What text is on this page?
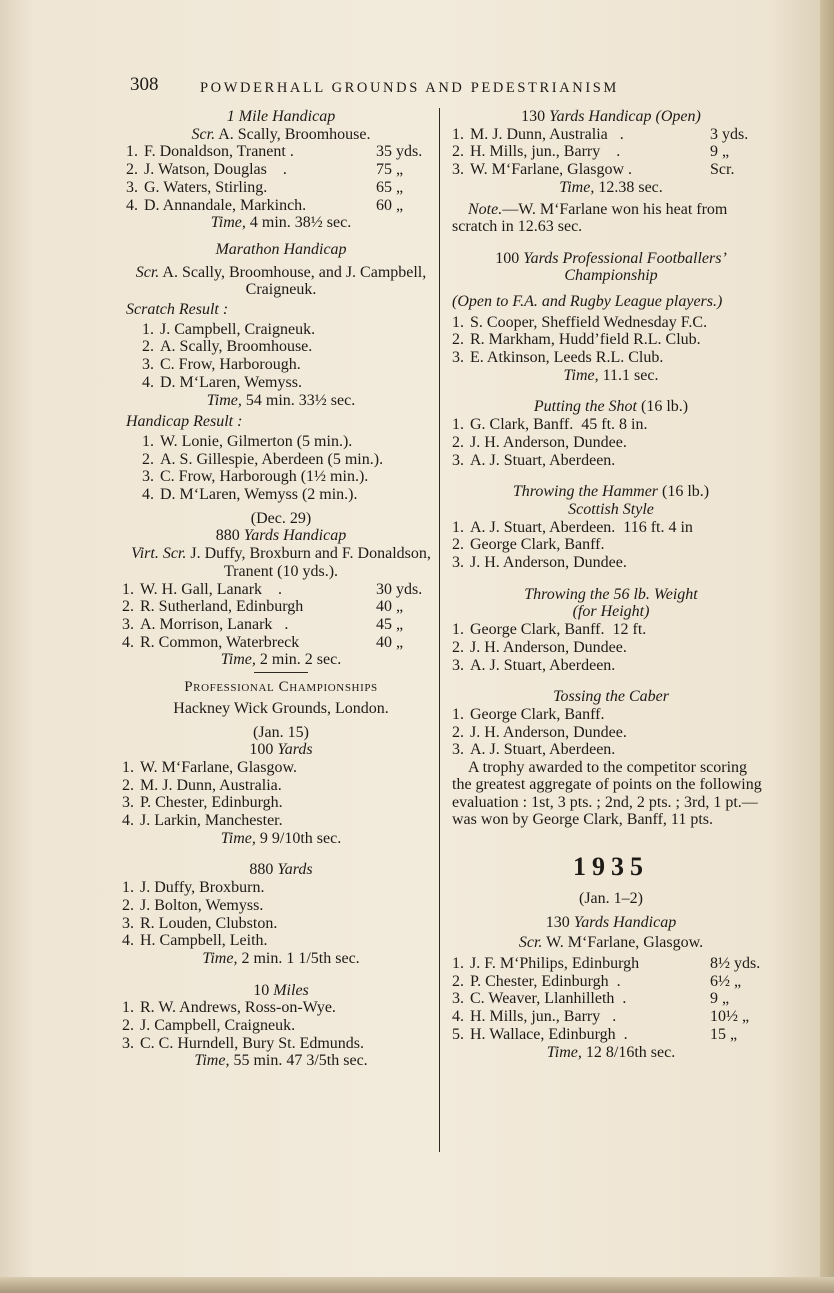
308	POWDERHALL GROUNDS AND PEDESTRIANISM
1 Mile Handicap
Scr. A. Scally, Broomhouse.
1. F. Donaldson, Tranent .	35 yds.
2. J. Watson, Douglas    .	75 „
3. G. Waters, Stirling.	65 „
4. D. Annandale, Markinch.	60 „
Time, 4 min. 38½ sec.
Marathon Handicap
Scr. A. Scally, Broomhouse, and J. Campbell, Craigneuk.
Scratch Result :
1. J. Campbell, Craigneuk.
2. A. Scally, Broomhouse.
3. C. Frow, Harborough.
4. D. M‘Laren, Wemyss.
Time, 54 min. 33½ sec.
Handicap Result :
1. W. Lonie, Gilmerton (5 min.).
2. A. S. Gillespie, Aberdeen (5 min.).
3. C. Frow, Harborough (1½ min.).
4. D. M‘Laren, Wemyss (2 min.).
(Dec. 29)
880 Yards Handicap
Virt. Scr. J. Duffy, Broxburn and F. Donaldson, Tranent (10 yds.).
1. W. H. Gall, Lanark    .	30 yds.
2. R. Sutherland, Edinburgh	40 „
3. A. Morrison, Lanark   .	45 „
4. R. Common, Waterbreck	40 „
Time, 2 min. 2 sec.
Professional Championships
Hackney Wick Grounds, London.
(Jan. 15)
100 Yards
1. W. M‘Farlane, Glasgow.
2. M. J. Dunn, Australia.
3. P. Chester, Edinburgh.
4. J. Larkin, Manchester.
Time, 9 9/10th sec.
880 Yards
1. J. Duffy, Broxburn.
2. J. Bolton, Wemyss.
3. R. Louden, Clubston.
4. H. Campbell, Leith.
Time, 2 min. 1 1/5th sec.
10 Miles
1. R. W. Andrews, Ross-on-Wye.
2. J. Campbell, Craigneuk.
3. C. C. Hurndell, Bury St. Edmunds.
Time, 55 min. 47 3/5th sec.
130 Yards Handicap (Open)
1. M. J. Dunn, Australia   .	3 yds.
2. H. Mills, jun., Barry    .	9 „
3. W. M‘Farlane, Glasgow .	Scr.
Time, 12.38 sec.
Note.—W. M‘Farlane won his heat from scratch in 12.63 sec.
100 Yards Professional Footballers’ Championship
(Open to F.A. and Rugby League players.)
1. S. Cooper, Sheffield Wednesday F.C.
2. R. Markham, Hudd’field R.L. Club.
3. E. Atkinson, Leeds R.L. Club.
Time, 11.1 sec.
Putting the Shot (16 lb.)
1. G. Clark, Banff.  45 ft. 8 in.
2. J. H. Anderson, Dundee.
3. A. J. Stuart, Aberdeen.
Throwing the Hammer (16 lb.)
Scottish Style
1. A. J. Stuart, Aberdeen.  116 ft. 4 in
2. George Clark, Banff.
3. J. H. Anderson, Dundee.
Throwing the 56 lb. Weight
(for Height)
1. George Clark, Banff.  12 ft.
2. J. H. Anderson, Dundee.
3. A. J. Stuart, Aberdeen.
Tossing the Caber
1. George Clark, Banff.
2. J. H. Anderson, Dundee.
3. A. J. Stuart, Aberdeen.
A trophy awarded to the competitor scoring the greatest aggregate of points on the following evaluation : 1st, 3 pts. ; 2nd, 2 pts. ; 3rd, 1 pt.—was won by George Clark, Banff, 11 pts.
1935
(Jan. 1–2)
130 Yards Handicap
Scr. W. M‘Farlane, Glasgow.
1. J. F. M‘Philips, Edinburgh	8½ yds.
2. P. Chester, Edinburgh  .	6½ „
3. C. Weaver, Llanhilleth  .	9 „
4. H. Mills, jun., Barry   .	10½ „
5. H. Wallace, Edinburgh  .	15 „
Time, 12 8/16th sec.
